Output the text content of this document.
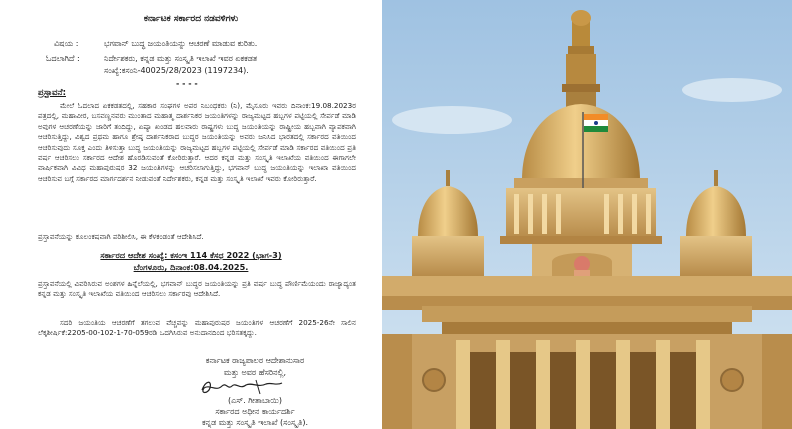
ಕರ್ನಾಟಕ ಸರ್ಕಾರದ ನಡವಳಿಗಳು
ವಿಷಯ :	ಭಗವಾನ್ ಬುದ್ಧ ಜಯಂತಿಯನ್ನು ಆಚರಣೆ ಮಾಡುವ ಕುರಿತು.
ಓದಲಾಗಿದೆ :	ನಿರ್ದೇಶಕರು, ಕನ್ನಡ ಮತ್ತು ಸಂಸ್ಕೃತಿ ಇಲಾಖೆ ಇವರ ಏಕಕಡತ
ಸಂಖ್ಯೆ:ಕಸಂನಿ-40025/28/2023 (1197234).
- - - -
ಪ್ರಸ್ತಾವನೆ:
ಮೇಲೆ ಓದಲಾದ ಏಕಕಡತದಲ್ಲಿ, ಸಹಕಾರ ಸಂಘಗಳ ಅಪರ ನಿಬಂಧಕರು (ನಿ), ಮೈಸೂರು ಇವರು ದಿನಾಂಕ:19.08.2023ರ ಪತ್ರದಲ್ಲಿ, ಮಹಾವೀರ, ಬಸವಣ್ಣನವರು ಮುಂತಾದ ಮಹಾತ್ಮ ದಾರ್ಶನಿಕರ ಜಯಂತಿಗಳನ್ನು ರಾಜ್ಯಮಟ್ಟದ ಹಬ್ಬಗಳ ಪಟ್ಟಿಯಲ್ಲಿ ಸೇರ್ಪಡೆ ಮಾಡಿ ಅವುಗಳ ಆಚರಣೆಯನ್ನು ಜಾರಿಗೆ ತಂದಿದ್ದು, ಏಷ್ಯಾ ಖಂಡದ ಹಲವಾರು ರಾಷ್ಟ್ರಗಳು ಬುದ್ಧ ಜಯಂತಿಯನ್ನು ರಾಷ್ಟ್ರೀಯ ಹಬ್ಬವಾಗಿ ವ್ಯಾಪಕವಾಗಿ ಆಚರಿಸುತ್ತಿದ್ದು, ವಿಶ್ವದ ಪ್ರಥಮ ಹಾಗೂ ಶ್ರೇಷ್ಠ ದಾರ್ಶನಿಕರಾದ ಬುದ್ಧರ ಜಯಂತಿಯನ್ನು ಅವರು ಜನಿಸಿದ ಭಾರತದಲ್ಲಿ ಸರ್ಕಾರದ ವತಿಯಿಂದ ಆಚರಿಸುವುದು ಸೂಕ್ತ ಎಂದು ತಿಳಿಸುತ್ತಾ ಬುದ್ಧ ಜಯಂತಿಯನ್ನು ರಾಜ್ಯಮಟ್ಟದ ಹಬ್ಬಗಳ ಪಟ್ಟಿಯಲ್ಲಿ ಸೇರ್ಪಡೆ ಮಾಡಿ ಸರ್ಕಾರದ ವತಿಯಿಂದ ಪ್ರತಿ ವರ್ಷ ಆಚರಿಸಲು ಸರ್ಕಾರದ ಆದೇಶ ಹೊರಡಿಸುವಂತೆ ಕೋರಿರುತ್ತಾರೆ. ಆದರ ಕನ್ನಡ ಮತ್ತು ಸಂಸ್ಕೃತಿ ಇಲಾಖೆಯ ವತಿಯಿಂದ ಈಗಾಗಲೇ ವಾರ್ಷಿಕವಾಗಿ ವಿವಿಧ ಮಹಾಪುರುಷರ 32 ಜಯಂತಿಗಳನ್ನು ಆಚರಿಸಲಾಗುತ್ತಿದ್ದು, ಭಗವಾನ್ ಬುದ್ಧ ಜಯಂತಿಯನ್ನು ಇಲಾಖಾ ವತಿಯಿಂದ ಆಚರಿಸುವ ಬಗ್ಗೆ ಸರ್ಕಾರದ ಮಾರ್ಗದರ್ಶನ ನೀಡುವಂತೆ ನಿರ್ದೇಶಕರು, ಕನ್ನಡ ಮತ್ತು ಸಂಸ್ಕೃತಿ ಇಲಾಖೆ ಇವರು ಕೋರಿರುತ್ತಾರೆ.
ಪ್ರಸ್ತಾವನೆಯನ್ನು ಕೂಲಂಕಷವಾಗಿ ಪರಿಶೀಲಿಸಿ, ಈ ಕೆಳಕಂಡಂತೆ ಆದೇಶಿಸಿದೆ.
ಸರ್ಕಾರದ ಆದೇಶ ಸಂಖ್ಯೆ: ಕಸಂಇ 114 ಕೆಸಧ 2022 (ಭಾಗ-3)
ಬೆಂಗಳೂರು, ದಿನಾಂಕ:08.04.2025.
ಪ್ರಸ್ತಾವನೆಯಲ್ಲಿ ವಿವರಿಸಿರುವ ಅಂಶಗಳ ಹಿನ್ನೆಲೆಯಲ್ಲಿ, ಭಗವಾನ್ ಬುದ್ಧರ ಜಯಂತಿಯನ್ನು ಪ್ರತಿ ವರ್ಷ ಬುದ್ಧ ಪೌರ್ಣಿಮೆಯಂದು ರಾಜ್ಯಾದ್ಯಂತ ಕನ್ನಡ ಮತ್ತು ಸಂಸ್ಕೃತಿ ಇಲಾಖೆಯ ವತಿಯಿಂದ ಆಚರಿಸಲು ಸರ್ಕಾರವು ಆದೇಶಿಸಿದೆ.
ಸದರಿ ಜಯಂತಿಯ ಆಚರಣೆಗೆ ತಗಲುವ ವೆಚ್ಚವನ್ನು ಮಹಾಪುರುಷರ ಜಯಂತಿಗಳ ಆಚರಣೆಗೆ 2025-26ನೇ ಸಾಲಿನ ಲೆಕ್ಕಶೀರ್ಷಿಕೆ:2205-00-102-1-70-059ರಡಿ ಒದಗಿಸಿರುವ ಅನುದಾನದಿಂದ ಭರಿಸತಕ್ಕದ್ದು.
ಕರ್ನಾಟಕ ರಾಜ್ಯಪಾಲರ ಆದೇಶಾನುಸಾರ
ಮತ್ತು ಅವರ ಹೆಸರಿನಲ್ಲಿ,
(ಎಸ್. ಗೀತಾಬಾಯಿ)
ಸರ್ಕಾರದ ಅಧೀನ ಕಾರ್ಯದರ್ಶಿ
ಕನ್ನಡ ಮತ್ತು ಸಂಸ್ಕೃತಿ ಇಲಾಖೆ (ಸಂಸ್ಕೃತಿ).
